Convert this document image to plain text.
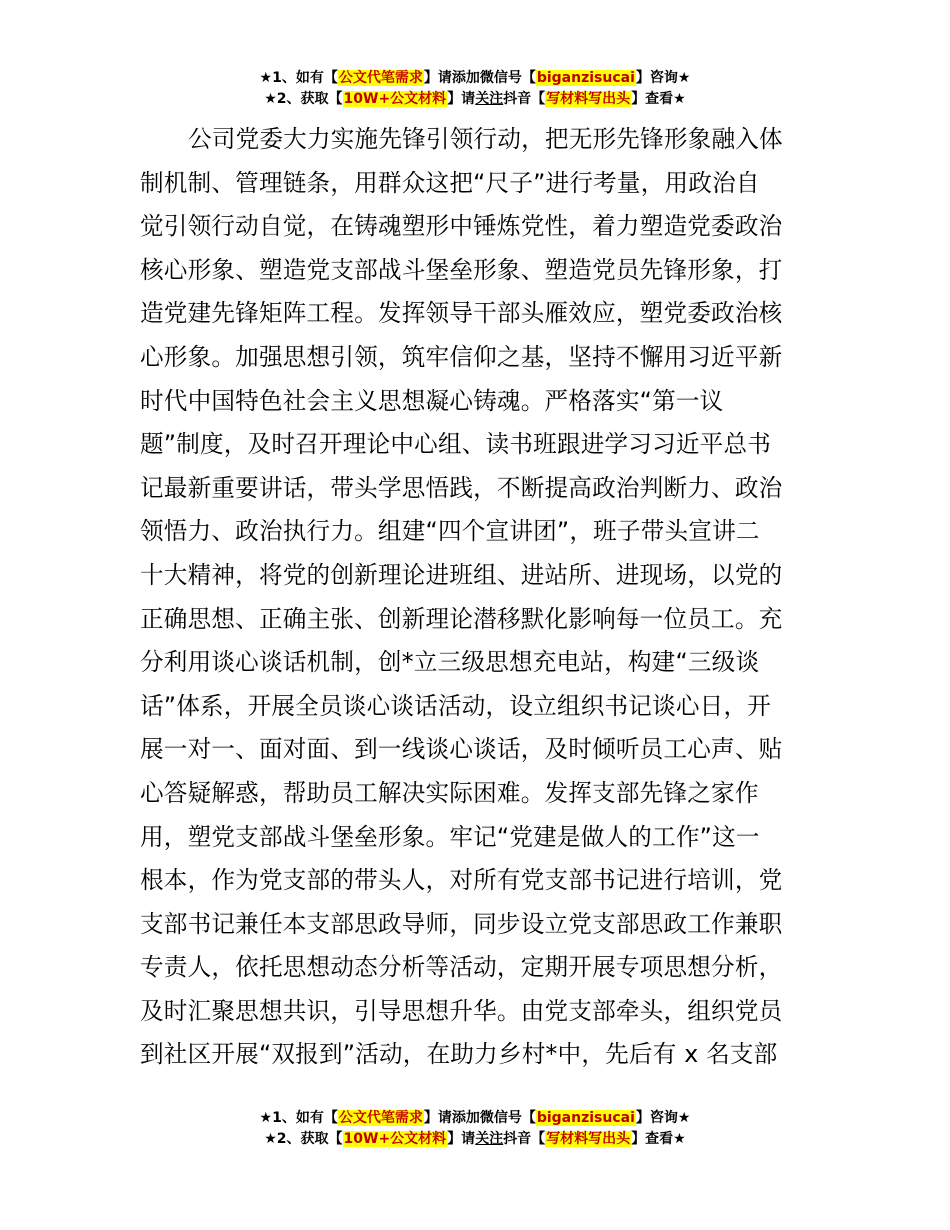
★1、如有【公文代笔需求】请添加微信号【biganzisucai】咨询★
★2、获取【10W+公文材料】请关注抖音【写材料写出头】查看★
公司党委大力实施先锋引领行动，把无形先锋形象融入体
制机制、管理链条，用群众这把“尺子”进行考量，用政治自
觉引领行动自觉，在铸魂塑形中锤炼党性，着力塑造党委政治
核心形象、塑造党支部战斗堡垒形象、塑造党员先锋形象，打
造党建先锋矩阵工程。发挥领导干部头雁效应，塑党委政治核
心形象。加强思想引领，筑牢信仰之基，坚持不懈用习近平新
时代中国特色社会主义思想凝心铸魂。严格落实“第一议
题”制度，及时召开理论中心组、读书班跟进学习习近平总书
记最新重要讲话，带头学思悟践，不断提高政治判断力、政治
领悟力、政治执行力。组建“四个宣讲团”，班子带头宣讲二
十大精神，将党的创新理论进班组、进站所、进现场，以党的
正确思想、正确主张、创新理论潜移默化影响每一位员工。充
分利用谈心谈话机制，创*立三级思想充电站，构建“三级谈
话”体系，开展全员谈心谈话活动，设立组织书记谈心日，开
展一对一、面对面、到一线谈心谈话，及时倾听员工心声、贴
心答疑解惑，帮助员工解决实际困难。发挥支部先锋之家作
用，塑党支部战斗堡垒形象。牢记“党建是做人的工作”这一
根本，作为党支部的带头人，对所有党支部书记进行培训，党
支部书记兼任本支部思政导师，同步设立党支部思政工作兼职
专责人，依托思想动态分析等活动，定期开展专项思想分析，
及时汇聚思想共识，引导思想升华。由党支部牵头，组织党员
到社区开展“双报到”活动，在助力乡村*中，先后有 x 名支部
★1、如有【公文代笔需求】请添加微信号【biganzisucai】咨询★
★2、获取【10W+公文材料】请关注抖音【写材料写出头】查看★
